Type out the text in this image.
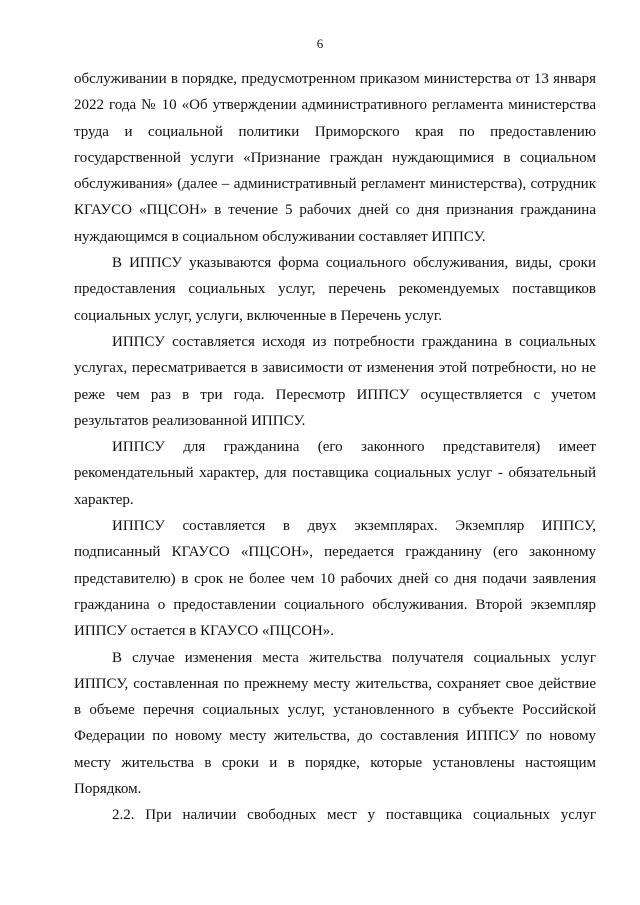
6

обслуживании в порядке, предусмотренном приказом министерства от 13 января 2022 года № 10 «Об утверждении административного регламента министерства труда и социальной политики Приморского края по предоставлению государственной услуги «Признание граждан нуждающимися в социальном обслуживания» (далее – административный регламент министерства), сотрудник КГАУСО «ПЦСОН» в течение 5 рабочих дней со дня признания гражданина нуждающимся в социальном обслуживании составляет ИППСУ.

В ИППСУ указываются форма социального обслуживания, виды, сроки предоставления социальных услуг, перечень рекомендуемых поставщиков социальных услуг, услуги, включенные в Перечень услуг.

ИППСУ составляется исходя из потребности гражданина в социальных услугах, пересматривается в зависимости от изменения этой потребности, но не реже чем раз в три года. Пересмотр ИППСУ осуществляется с учетом результатов реализованной ИППСУ.

ИППСУ для гражданина (его законного представителя) имеет рекомендательный характер, для поставщика социальных услуг - обязательный характер.

ИППСУ составляется в двух экземплярах. Экземпляр ИППСУ, подписанный КГАУСО «ПЦСОН», передается гражданину (его законному представителю) в срок не более чем 10 рабочих дней со дня подачи заявления гражданина о предоставлении социального обслуживания. Второй экземпляр ИППСУ остается в КГАУСО «ПЦСОН».

В случае изменения места жительства получателя социальных услуг ИППСУ, составленная по прежнему месту жительства, сохраняет свое действие в объеме перечня социальных услуг, установленного в субъекте Российской Федерации по новому месту жительства, до составления ИППСУ по новому месту жительства в сроки и в порядке, которые установлены настоящим Порядком.

2.2. При наличии свободных мест у поставщика социальных услуг
